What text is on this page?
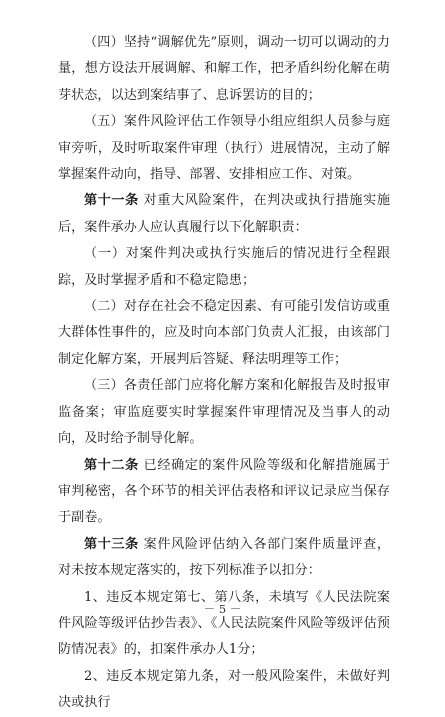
（四）坚持“调解优先”原则，调动一切可以调动的力量，想方设法开展调解、和解工作，把矛盾纠纷化解在萌芽状态，以达到案结事了、息诉罢访的目的；

（五）案件风险评估工作领导小组应组织人员参与庭审旁听，及时听取案件审理（执行）进展情况，主动了解掌握案件动向，指导、部署、安排相应工作、对策。

第十一条 对重大风险案件，在判决或执行措施实施后，案件承办人应认真履行以下化解职责：

（一）对案件判决或执行实施后的情况进行全程跟踪，及时掌握矛盾和不稳定隐患；

（二）对存在社会不稳定因素、有可能引发信访或重大群体性事件的，应及时向本部门负责人汇报，由该部门制定化解方案，开展判后答疑、释法明理等工作；

（三）各责任部门应将化解方案和化解报告及时报审监备案；审监庭要实时掌握案件审理情况及当事人的动向，及时给予制导化解。

第十二条 已经确定的案件风险等级和化解措施属于审判秘密，各个环节的相关评估表格和评议记录应当保存于副卷。

第十三条 案件风险评估纳入各部门案件质量评查，对未按本规定落实的，按下列标准予以扣分：

1、违反本规定第七、第八条，未填写《人民法院案件风险等级评估抄告表》、《人民法院案件风险等级评估预防情况表》的，扣案件承办人1分；

2、违反本规定第九条，对一般风险案件，未做好判决或执行

－ 5 －
